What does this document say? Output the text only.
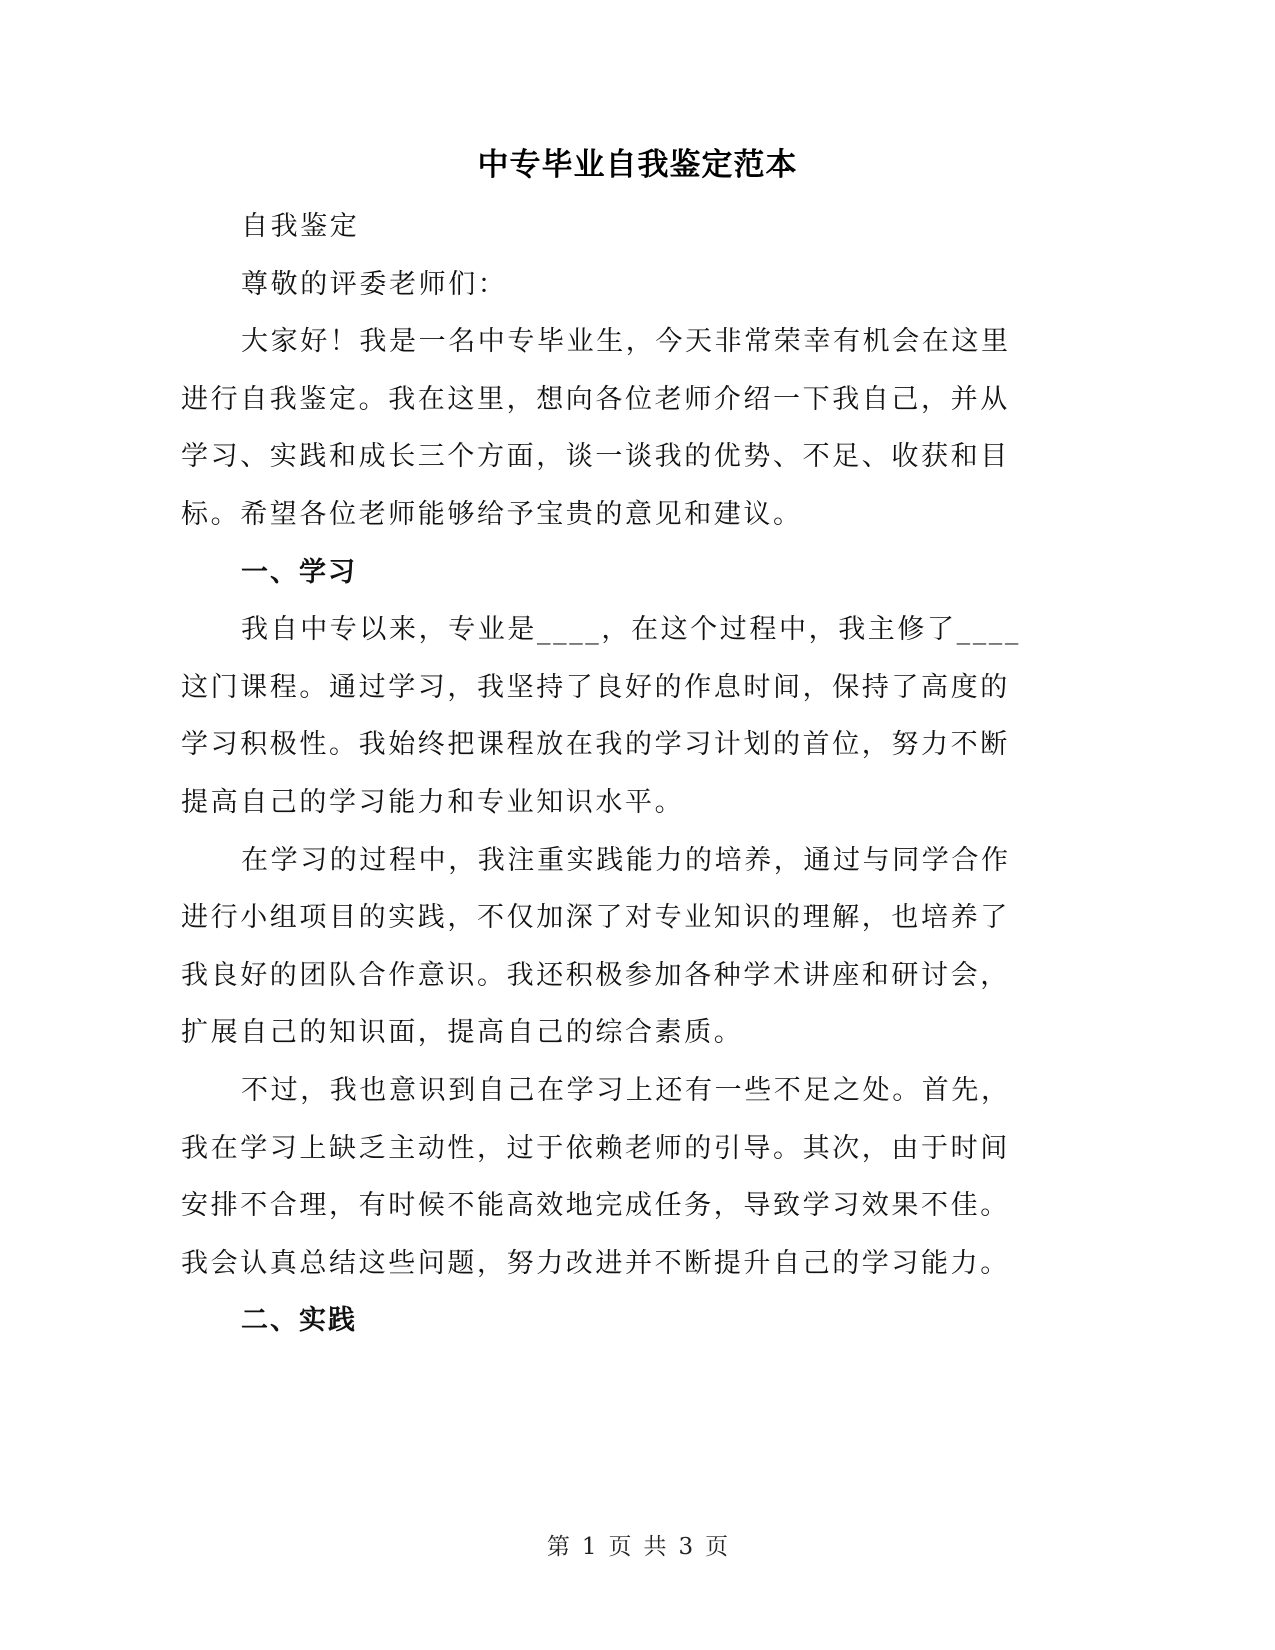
中专毕业自我鉴定范本
自我鉴定
尊敬的评委老师们：
大家好！我是一名中专毕业生，今天非常荣幸有机会在这里
进行自我鉴定。我在这里，想向各位老师介绍一下我自己，并从
学习、实践和成长三个方面，谈一谈我的优势、不足、收获和目
标。希望各位老师能够给予宝贵的意见和建议。
一、学习
我自中专以来，专业是____，在这个过程中，我主修了____
这门课程。通过学习，我坚持了良好的作息时间，保持了高度的
学习积极性。我始终把课程放在我的学习计划的首位，努力不断
提高自己的学习能力和专业知识水平。
在学习的过程中，我注重实践能力的培养，通过与同学合作
进行小组项目的实践，不仅加深了对专业知识的理解，也培养了
我良好的团队合作意识。我还积极参加各种学术讲座和研讨会，
扩展自己的知识面，提高自己的综合素质。
不过，我也意识到自己在学习上还有一些不足之处。首先，
我在学习上缺乏主动性，过于依赖老师的引导。其次，由于时间
安排不合理，有时候不能高效地完成任务，导致学习效果不佳。
我会认真总结这些问题，努力改进并不断提升自己的学习能力。
二、实践
第 1 页 共 3 页
